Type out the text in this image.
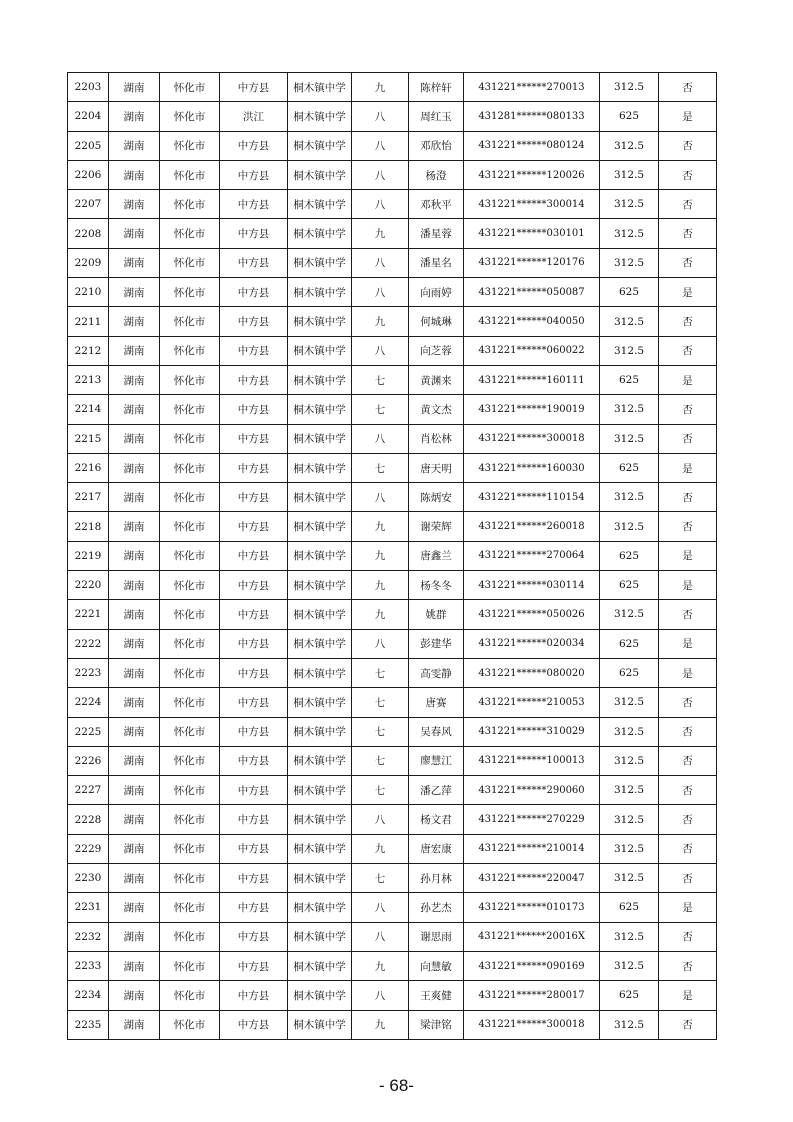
2203	湖南	怀化市	中方县	桐木镇中学	九	陈梓轩	431221******270013	312.5	否
2204	湖南	怀化市	洪江	桐木镇中学	八	周红玉	431281******080133	625	是
2205	湖南	怀化市	中方县	桐木镇中学	八	邓欣怡	431221******080124	312.5	否
2206	湖南	怀化市	中方县	桐木镇中学	八	杨澄	431221******120026	312.5	否
2207	湖南	怀化市	中方县	桐木镇中学	八	邓秋平	431221******300014	312.5	否
2208	湖南	怀化市	中方县	桐木镇中学	九	潘星蓉	431221******030101	312.5	否
2209	湖南	怀化市	中方县	桐木镇中学	八	潘星名	431221******120176	312.5	否
2210	湖南	怀化市	中方县	桐木镇中学	八	向雨婷	431221******050087	625	是
2211	湖南	怀化市	中方县	桐木镇中学	九	何城琳	431221******040050	312.5	否
2212	湖南	怀化市	中方县	桐木镇中学	八	向芝蓉	431221******060022	312.5	否
2213	湖南	怀化市	中方县	桐木镇中学	七	黄渊来	431221******160111	625	是
2214	湖南	怀化市	中方县	桐木镇中学	七	黄文杰	431221******190019	312.5	否
2215	湖南	怀化市	中方县	桐木镇中学	八	肖松林	431221******300018	312.5	否
2216	湖南	怀化市	中方县	桐木镇中学	七	唐天明	431221******160030	625	是
2217	湖南	怀化市	中方县	桐木镇中学	八	陈炳安	431221******110154	312.5	否
2218	湖南	怀化市	中方县	桐木镇中学	九	谢荣辉	431221******260018	312.5	否
2219	湖南	怀化市	中方县	桐木镇中学	九	唐鑫兰	431221******270064	625	是
2220	湖南	怀化市	中方县	桐木镇中学	九	杨冬冬	431221******030114	625	是
2221	湖南	怀化市	中方县	桐木镇中学	九	姚群	431221******050026	312.5	否
2222	湖南	怀化市	中方县	桐木镇中学	八	彭建华	431221******020034	625	是
2223	湖南	怀化市	中方县	桐木镇中学	七	高雯静	431221******080020	625	是
2224	湖南	怀化市	中方县	桐木镇中学	七	唐赛	431221******210053	312.5	否
2225	湖南	怀化市	中方县	桐木镇中学	七	吴春风	431221******310029	312.5	否
2226	湖南	怀化市	中方县	桐木镇中学	七	廖慧江	431221******100013	312.5	否
2227	湖南	怀化市	中方县	桐木镇中学	七	潘乙萍	431221******290060	312.5	否
2228	湖南	怀化市	中方县	桐木镇中学	八	杨文君	431221******270229	312.5	否
2229	湖南	怀化市	中方县	桐木镇中学	九	唐宏康	431221******210014	312.5	否
2230	湖南	怀化市	中方县	桐木镇中学	七	孙月林	431221******220047	312.5	否
2231	湖南	怀化市	中方县	桐木镇中学	八	孙艺杰	431221******010173	625	是
2232	湖南	怀化市	中方县	桐木镇中学	八	谢思雨	431221******20016X	312.5	否
2233	湖南	怀化市	中方县	桐木镇中学	九	向慧敏	431221******090169	312.5	否
2234	湖南	怀化市	中方县	桐木镇中学	八	王爽健	431221******280017	625	是
2235	湖南	怀化市	中方县	桐木镇中学	九	梁津铭	431221******300018	312.5	否
- 68-
